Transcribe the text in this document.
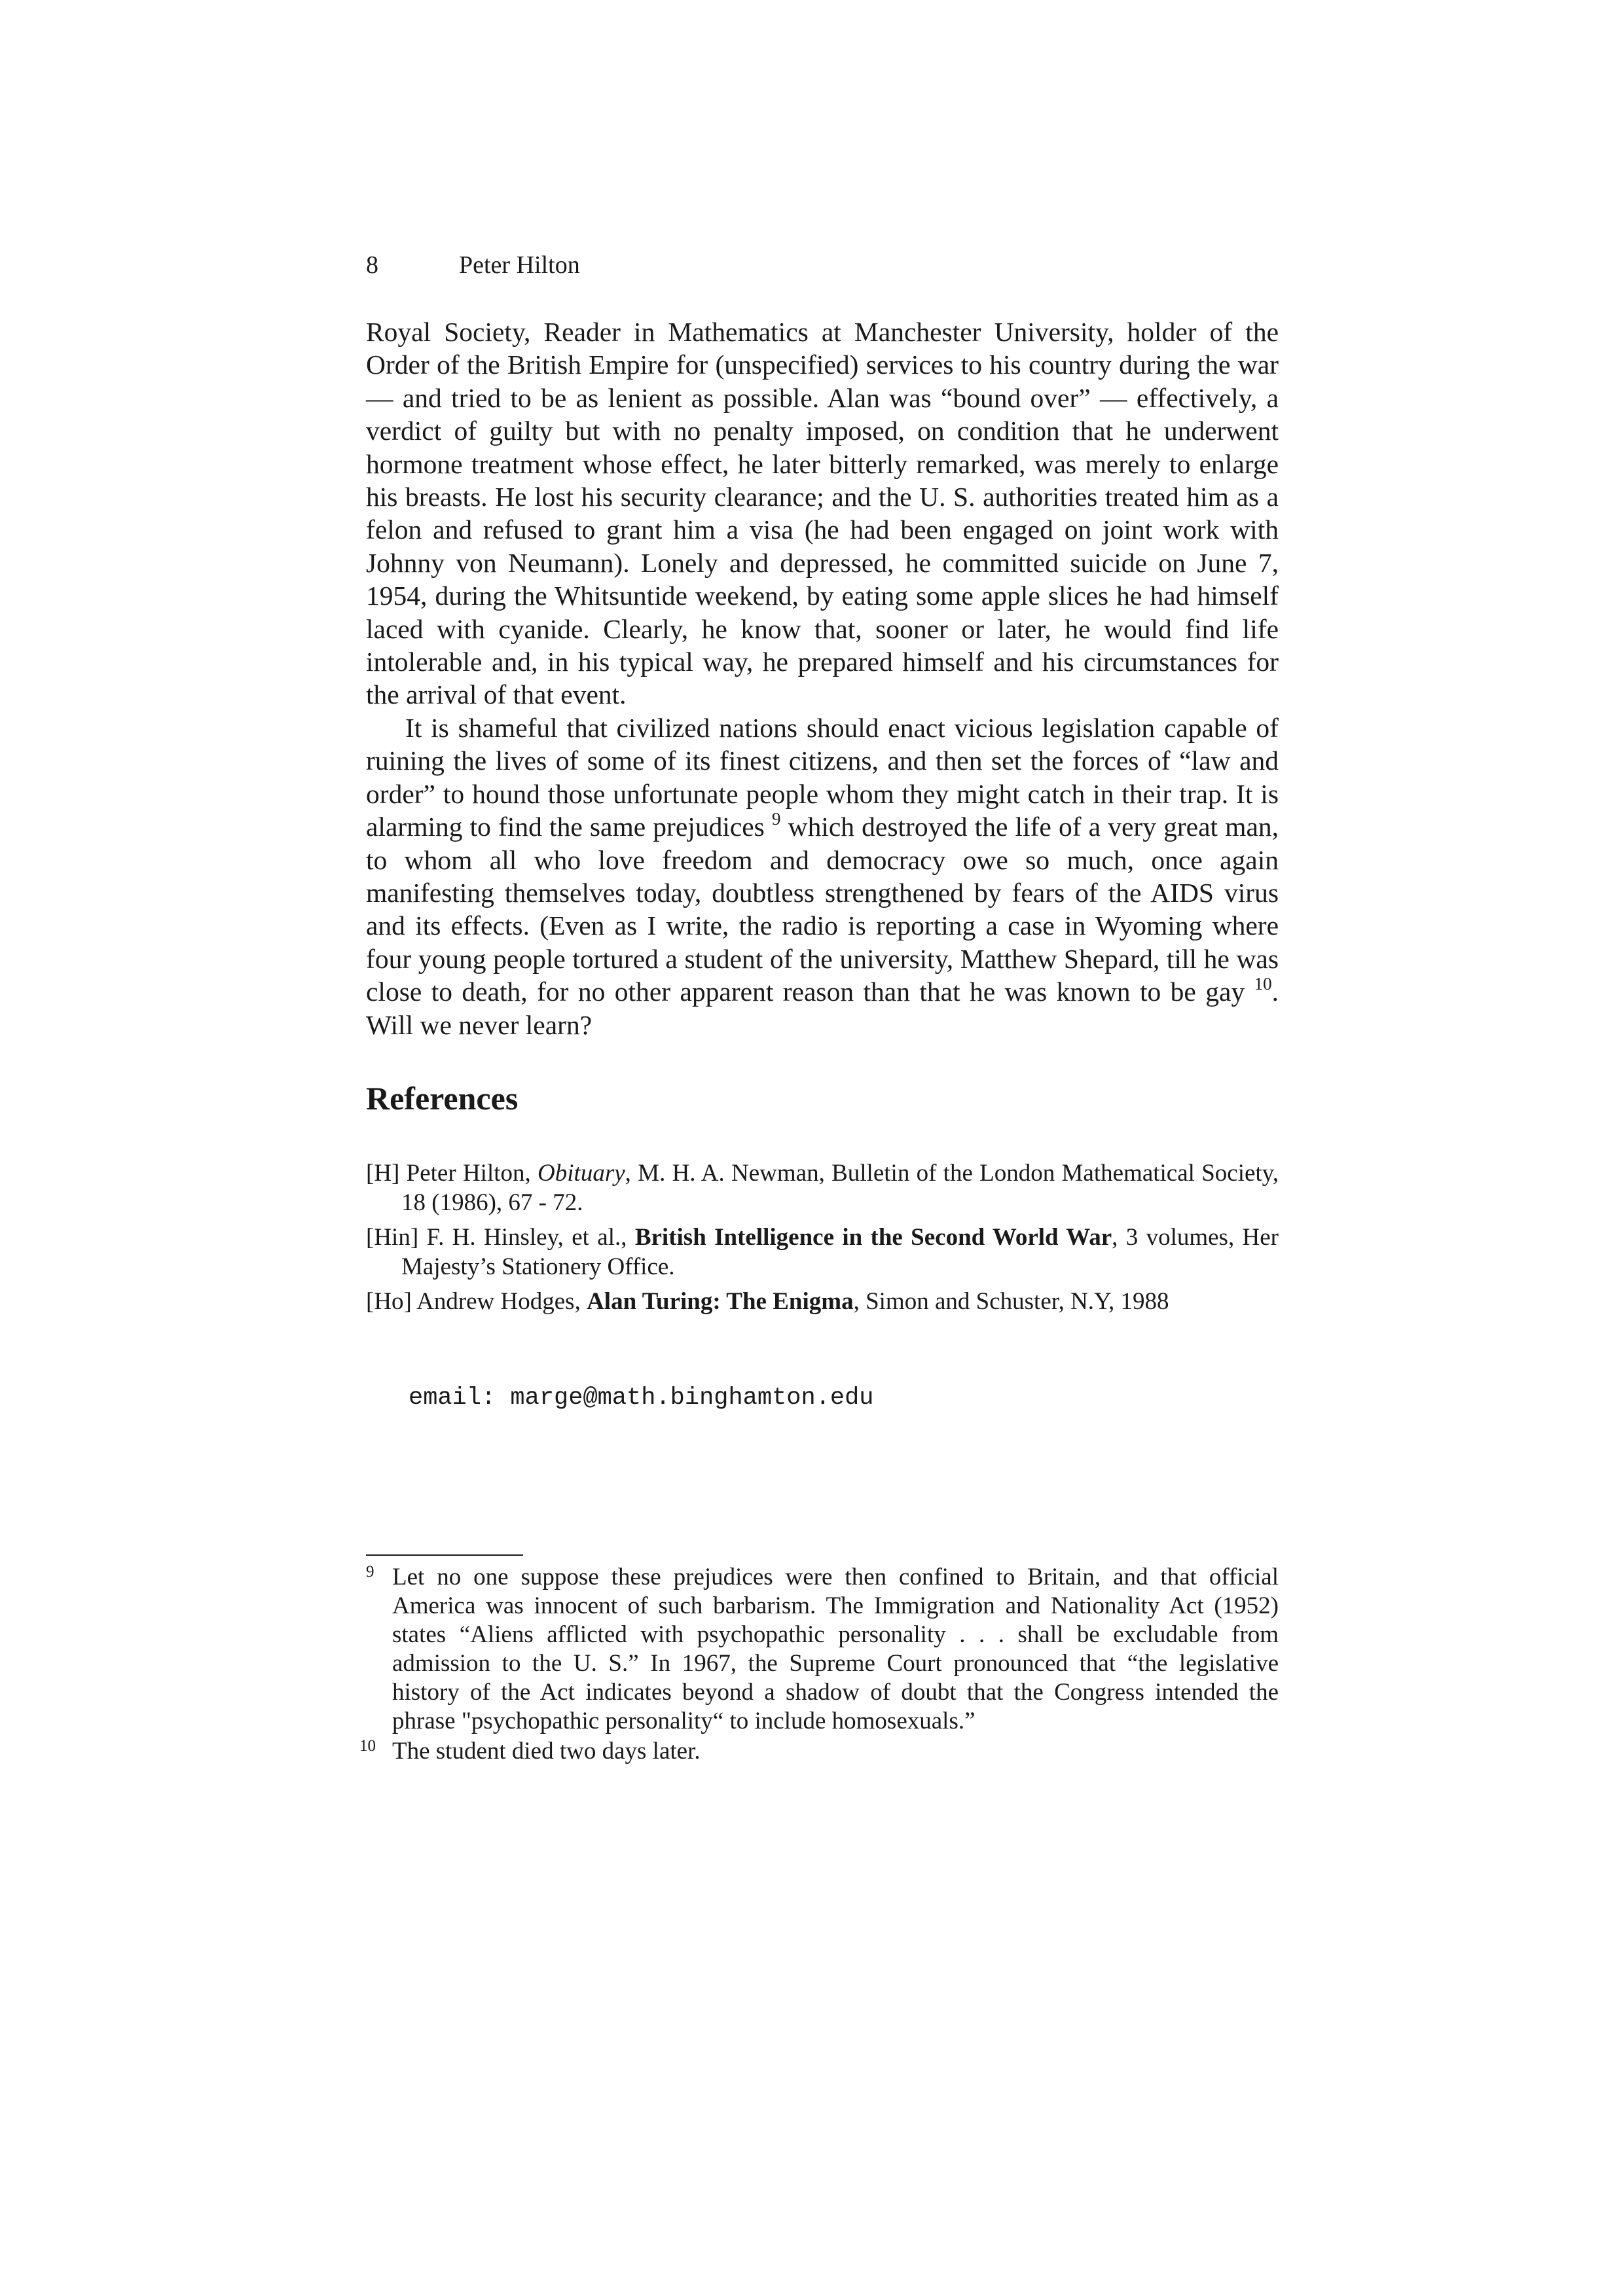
8	Peter Hilton

Royal Society, Reader in Mathematics at Manchester University, holder of the Order of the British Empire for (unspecified) services to his country during the war — and tried to be as lenient as possible. Alan was “bound over” — effectively, a verdict of guilty but with no penalty imposed, on condition that he underwent hormone treatment whose effect, he later bitterly remarked, was merely to enlarge his breasts. He lost his security clearance; and the U. S. authorities treated him as a felon and refused to grant him a visa (he had been engaged on joint work with Johnny von Neumann). Lonely and depressed, he committed suicide on June 7, 1954, during the Whitsuntide weekend, by eating some apple slices he had himself laced with cyanide. Clearly, he know that, sooner or later, he would find life intolerable and, in his typical way, he prepared himself and his circumstances for the arrival of that event.

It is shameful that civilized nations should enact vicious legislation capable of ruining the lives of some of its finest citizens, and then set the forces of “law and order” to hound those unfortunate people whom they might catch in their trap. It is alarming to find the same prejudices $^9$ which destroyed the life of a very great man, to whom all who love freedom and democracy owe so much, once again manifesting themselves today, doubtless strengthened by fears of the AIDS virus and its effects. (Even as I write, the radio is reporting a case in Wyoming where four young people tortured a student of the university, Matthew Shepard, till he was close to death, for no other apparent reason than that he was known to be gay $^{10}$. Will we never learn?

References
[H] Peter Hilton, Obituary, M. H. A. Newman, Bulletin of the London Mathematical Society, 18 (1986), 67 - 72.
[Hin] F. H. Hinsley, et al., British Intelligence in the Second World War, 3 volumes, Her Majesty’s Stationery Office.
[Ho] Andrew Hodges, Alan Turing: The Enigma, Simon and Schuster, N.Y, 1988
email: marge@math.binghamton.edu
9 Let no one suppose these prejudices were then confined to Britain, and that official America was innocent of such barbarism. The Immigration and Nationality Act (1952) states “Aliens afflicted with psychopathic personality . . . shall be excludable from admission to the U. S.” In 1967, the Supreme Court pronounced that “the legislative history of the Act indicates beyond a shadow of doubt that the Congress intended the phrase "psychopathic personality“ to include homosexuals.”
10 The student died two days later.
